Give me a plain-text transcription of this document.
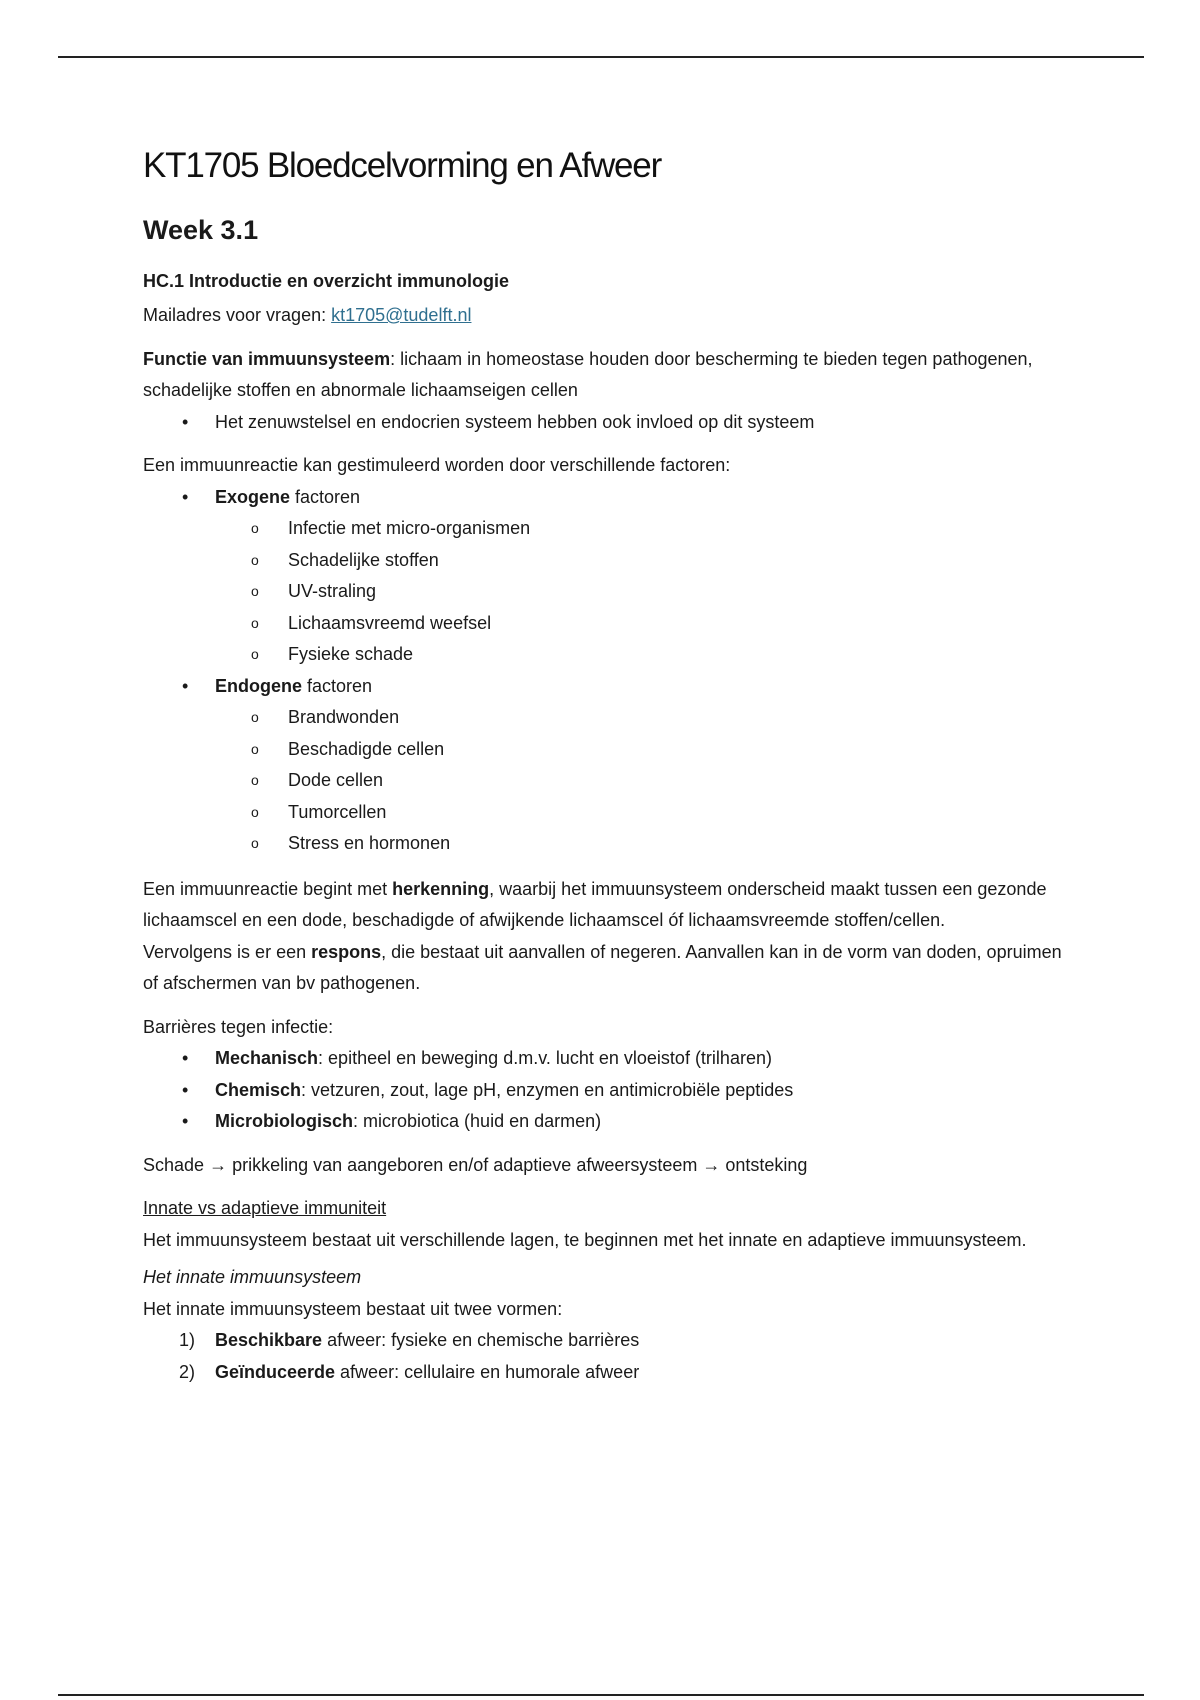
KT1705 Bloedcelvorming en Afweer
Week 3.1
HC.1 Introductie en overzicht immunologie

Mailadres voor vragen: kt1705@tudelft.nl

Functie van immuunsysteem: lichaam in homeostase houden door bescherming te bieden tegen pathogenen, schadelijke stoffen en abnormale lichaamseigen cellen

• Het zenuwstelsel en endocrien systeem hebben ook invloed op dit systeem

Een immuunreactie kan gestimuleerd worden door verschillende factoren:

• Exogene factoren
o Infectie met micro-organismen
o Schadelijke stoffen
o UV-straling
o Lichaamsvreemd weefsel
o Fysieke schade
• Endogene factoren
o Brandwonden
o Beschadigde cellen
o Dode cellen
o Tumorcellen
o Stress en hormonen

Een immuunreactie begint met herkenning, waarbij het immuunsysteem onderscheid maakt tussen een gezonde lichaamscel en een dode, beschadigde of afwijkende lichaamscel óf lichaamsvreemde stoffen/cellen.
Vervolgens is er een respons, die bestaat uit aanvallen of negeren. Aanvallen kan in de vorm van doden, opruimen of afschermen van bv pathogenen.

Barrières tegen infectie:

• Mechanisch: epitheel en beweging d.m.v. lucht en vloeistof (trilharen)
• Chemisch: vetzuren, zout, lage pH, enzymen en antimicrobiële peptides
• Microbiologisch: microbiotica (huid en darmen)

Schade → prikkeling van aangeboren en/of adaptieve afweersysteem → ontsteking

Innate vs adaptieve immuniteit

Het immuunsysteem bestaat uit verschillende lagen, te beginnen met het innate en adaptieve immuunsysteem.

Het innate immuunsysteem

Het innate immuunsysteem bestaat uit twee vormen:

1) Beschikbare afweer: fysieke en chemische barrières
2) Geïnduceerde afweer: cellulaire en humorale afweer
